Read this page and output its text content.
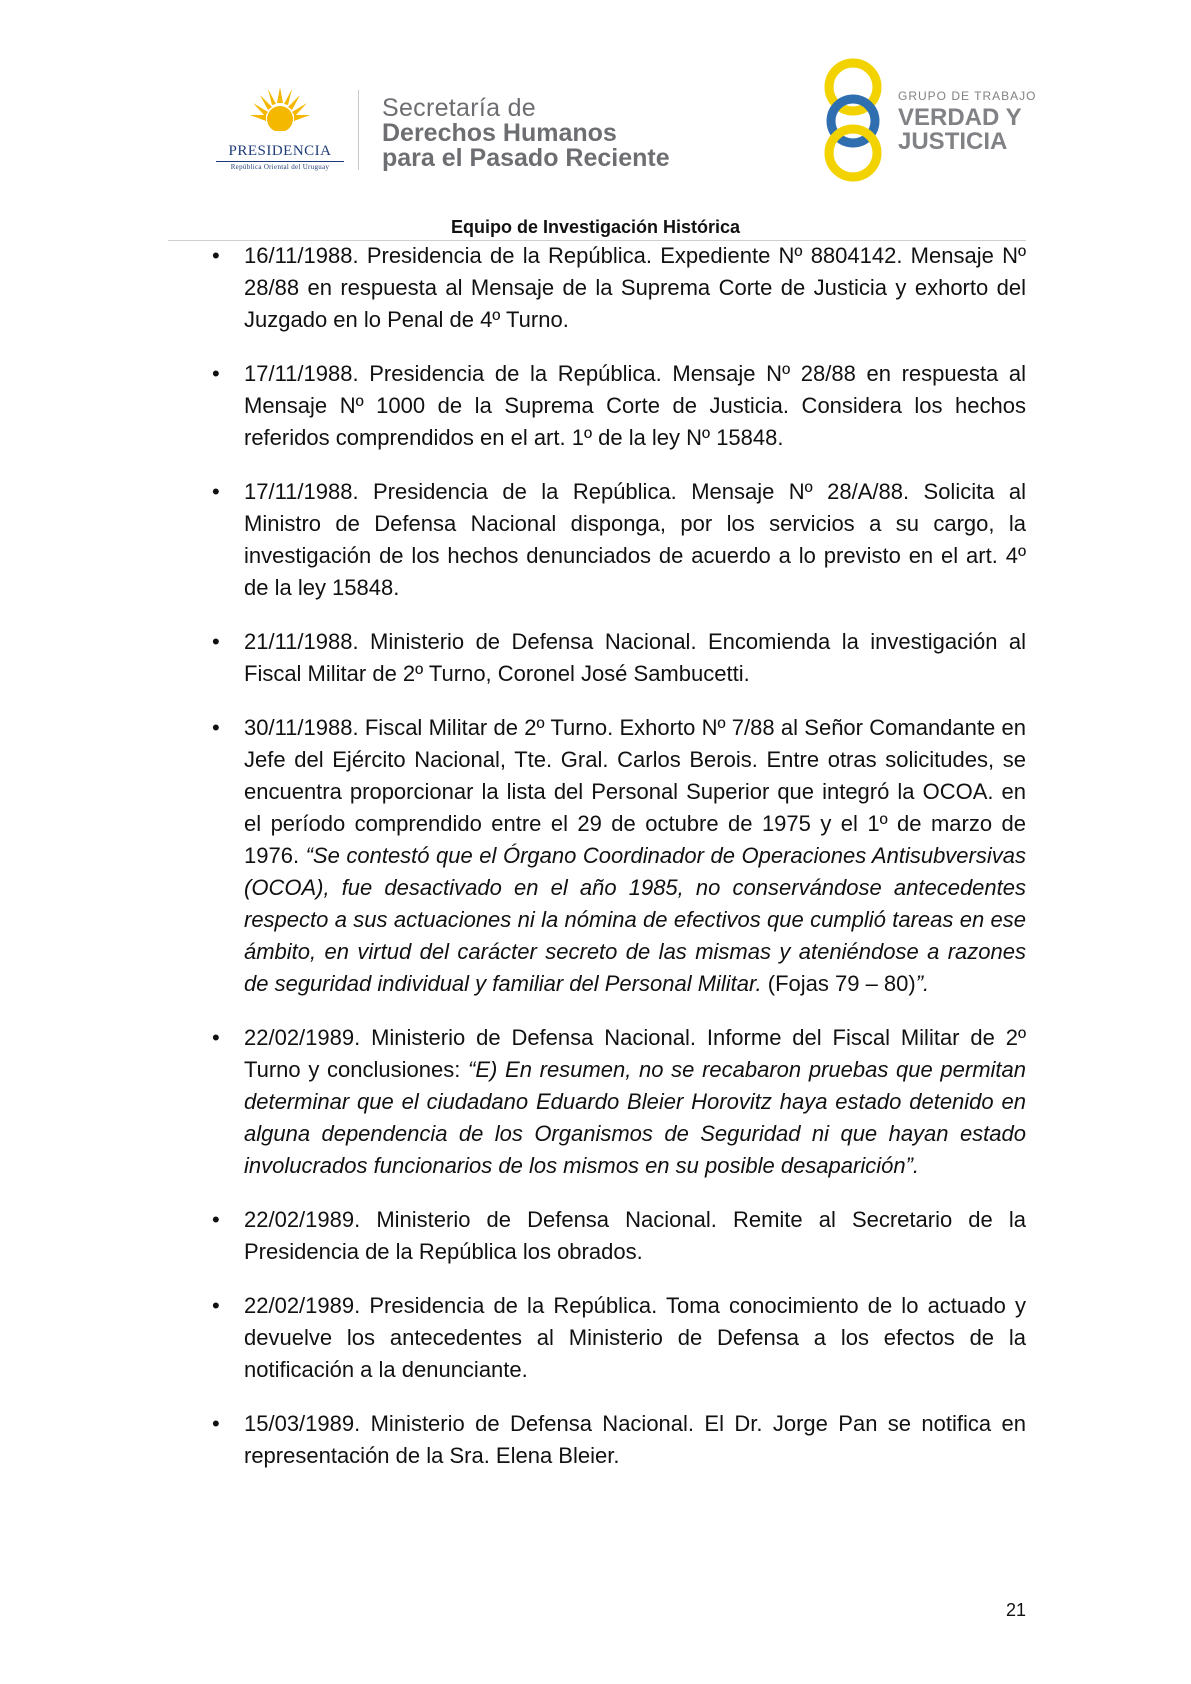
PRESIDENCIA
República Oriental del Uruguay
Secretaría de
Derechos Humanos
para el Pasado Reciente
GRUPO DE TRABAJO
VERDAD Y
JUSTICIA
Equipo de Investigación Histórica
• 16/11/1988. Presidencia de la República. Expediente Nº 8804142. Mensaje Nº 28/88 en respuesta al Mensaje de la Suprema Corte de Justicia y exhorto del Juzgado en lo Penal de 4º Turno.
• 17/11/1988. Presidencia de la República. Mensaje Nº 28/88 en respuesta al Mensaje Nº 1000 de la Suprema Corte de Justicia. Considera los hechos referidos comprendidos en el art. 1º de la ley Nº 15848.
• 17/11/1988. Presidencia de la República. Mensaje Nº 28/A/88. Solicita al Ministro de Defensa Nacional disponga, por los servicios a su cargo, la investigación de los hechos denunciados de acuerdo a lo previsto en el art. 4º de la ley 15848.
• 21/11/1988. Ministerio de Defensa Nacional. Encomienda la investigación al Fiscal Militar de 2º Turno, Coronel José Sambucetti.
• 30/11/1988. Fiscal Militar de 2º Turno. Exhorto Nº 7/88 al Señor Comandante en Jefe del Ejército Nacional, Tte. Gral. Carlos Berois. Entre otras solicitudes, se encuentra proporcionar la lista del Personal Superior que integró la OCOA. en el período comprendido entre el 29 de octubre de 1975 y el 1º de marzo de 1976. “Se contestó que el Órgano Coordinador de Operaciones Antisubversivas (OCOA), fue desactivado en el año 1985, no conservándose antecedentes respecto a sus actuaciones ni la nómina de efectivos que cumplió tareas en ese ámbito, en virtud del carácter secreto de las mismas y ateniéndose a razones de seguridad individual y familiar del Personal Militar. (Fojas 79 – 80)”.
• 22/02/1989. Ministerio de Defensa Nacional. Informe del Fiscal Militar de 2º Turno y conclusiones: “E) En resumen, no se recabaron pruebas que permitan determinar que el ciudadano Eduardo Bleier Horovitz haya estado detenido en alguna dependencia de los Organismos de Seguridad ni que hayan estado involucrados funcionarios de los mismos en su posible desaparición”.
• 22/02/1989. Ministerio de Defensa Nacional. Remite al Secretario de la Presidencia de la República los obrados.
• 22/02/1989. Presidencia de la República. Toma conocimiento de lo actuado y devuelve los antecedentes al Ministerio de Defensa a los efectos de la notificación a la denunciante.
• 15/03/1989. Ministerio de Defensa Nacional. El Dr. Jorge Pan se notifica en representación de la Sra. Elena Bleier.
21
